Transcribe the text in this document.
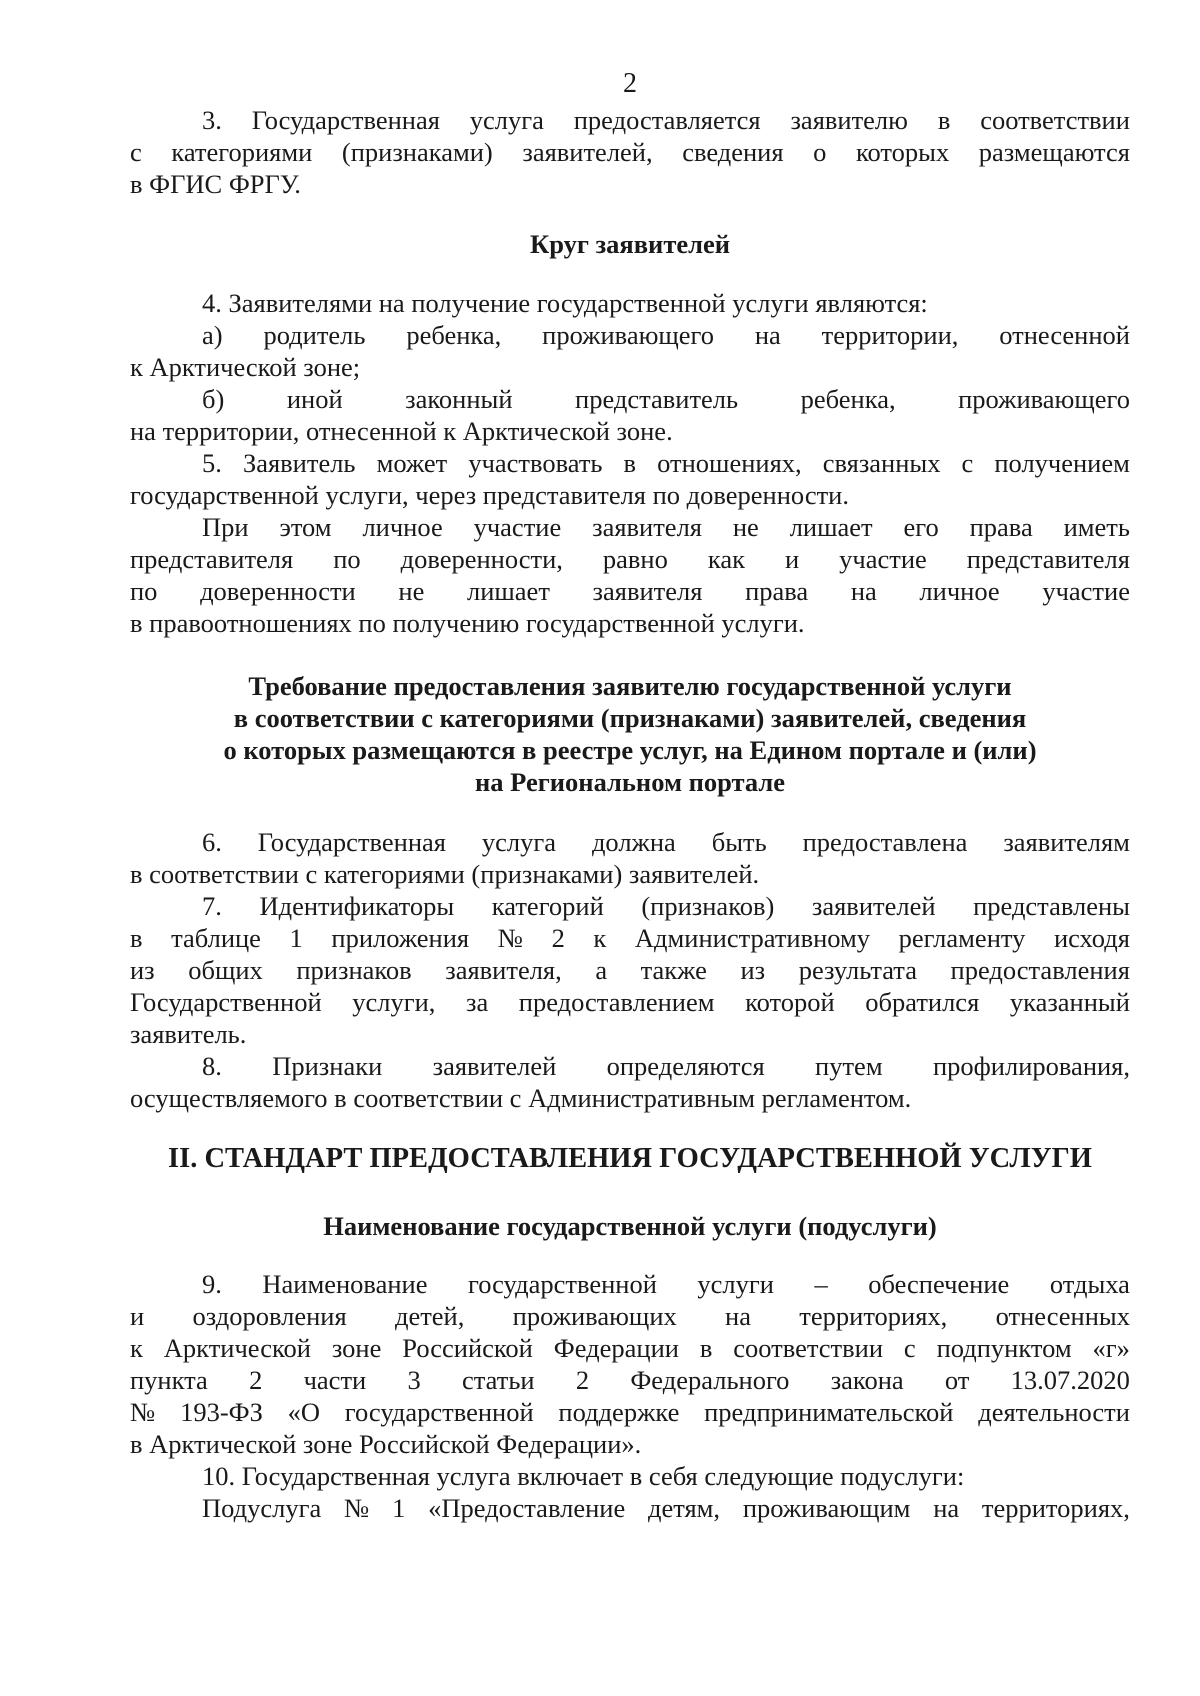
2
3. Государственная услуга предоставляется заявителю в соответствии
с категориями (признаками) заявителей, сведения о которых размещаются
в ФГИС ФРГУ.
Круг заявителей
4. Заявителями на получение государственной услуги являются:
а) родитель ребенка, проживающего на территории, отнесенной
к Арктической зоне;
б) иной законный представитель ребенка, проживающего
на территории, отнесенной к Арктической зоне.
5. Заявитель может участвовать в отношениях, связанных с получением
государственной услуги, через представителя по доверенности.
При этом личное участие заявителя не лишает его права иметь
представителя по доверенности, равно как и участие представителя
по доверенности не лишает заявителя права на личное участие
в правоотношениях по получению государственной услуги.
Требование предоставления заявителю государственной услуги
в соответствии с категориями (признаками) заявителей, сведения
о которых размещаются в реестре услуг, на Едином портале и (или)
на Региональном портале
6. Государственная услуга должна быть предоставлена заявителям
в соответствии с категориями (признаками) заявителей.
7. Идентификаторы категорий (признаков) заявителей представлены
в таблице 1 приложения № 2 к Административному регламенту исходя
из общих признаков заявителя, а также из результата предоставления
Государственной услуги, за предоставлением которой обратился указанный
заявитель.
8. Признаки заявителей определяются путем профилирования,
осуществляемого в соответствии с Административным регламентом.
II. СТАНДАРТ ПРЕДОСТАВЛЕНИЯ ГОСУДАРСТВЕННОЙ УСЛУГИ
Наименование государственной услуги (подуслуги)
9. Наименование государственной услуги – обеспечение отдыха
и оздоровления детей, проживающих на территориях, отнесенных
к Арктической зоне Российской Федерации в соответствии с подпунктом «г»
пункта 2 части 3 статьи 2 Федерального закона от 13.07.2020
№ 193-ФЗ «О государственной поддержке предпринимательской деятельности
в Арктической зоне Российской Федерации».
10. Государственная услуга включает в себя следующие подуслуги:
Подуслуга № 1 «Предоставление детям, проживающим на территориях,
